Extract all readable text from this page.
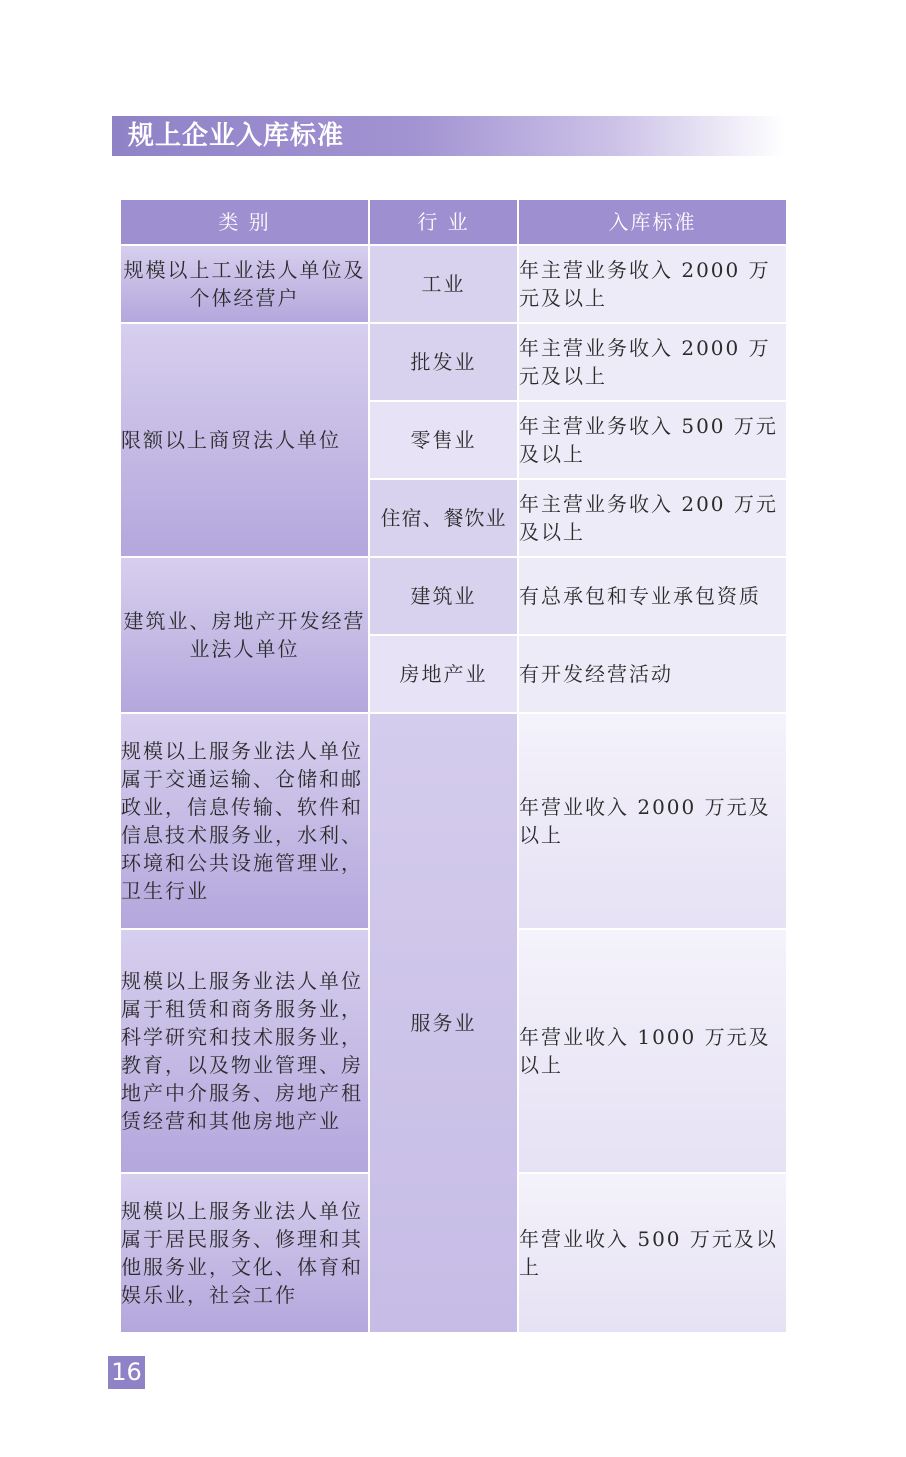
规上企业入库标准
类 别	行 业	入库标准
规模以上工业法人单位及个体经营户	工业	年主营业务收入 2000 万元及以上
限额以上商贸法人单位	批发业	年主营业务收入 2000 万元及以上
	零售业	年主营业务收入 500 万元及以上
	住宿、餐饮业	年主营业务收入 200 万元及以上
建筑业、房地产开发经营业法人单位	建筑业	有总承包和专业承包资质
	房地产业	有开发经营活动
规模以上服务业法人单位属于交通运输、仓储和邮政业，信息传输、软件和信息技术服务业，水利、环境和公共设施管理业，卫生行业	服务业	年营业收入 2000 万元及以上
规模以上服务业法人单位属于租赁和商务服务业，科学研究和技术服务业，教育，以及物业管理、房地产中介服务、房地产租赁经营和其他房地产业		年营业收入 1000 万元及以上
规模以上服务业法人单位属于居民服务、修理和其他服务业，文化、体育和娱乐业，社会工作		年营业收入 500 万元及以上
16
